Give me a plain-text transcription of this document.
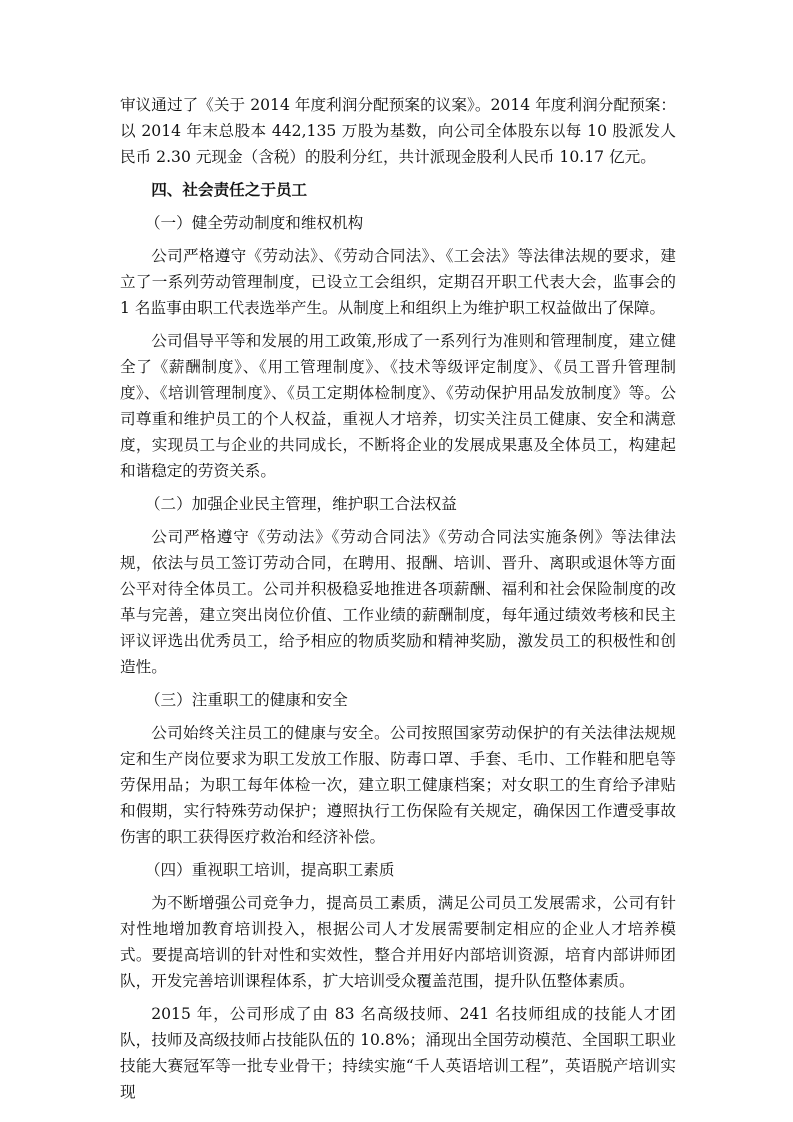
审议通过了《关于 2014 年度利润分配预案的议案》。2014 年度利润分配预案：以 2014 年末总股本 442,135 万股为基数，向公司全体股东以每 10 股派发人民币 2.30 元现金（含税）的股利分红，共计派现金股利人民币 10.17 亿元。

四、社会责任之于员工

（一）健全劳动制度和维权机构

公司严格遵守《劳动法》、《劳动合同法》、《工会法》等法律法规的要求，建立了一系列劳动管理制度，已设立工会组织，定期召开职工代表大会，监事会的 1 名监事由职工代表选举产生。从制度上和组织上为维护职工权益做出了保障。

公司倡导平等和发展的用工政策,形成了一系列行为准则和管理制度，建立健全了《薪酬制度》、《用工管理制度》、《技术等级评定制度》、《员工晋升管理制度》、《培训管理制度》、《员工定期体检制度》、《劳动保护用品发放制度》等。公司尊重和维护员工的个人权益，重视人才培养，切实关注员工健康、安全和满意度，实现员工与企业的共同成长，不断将企业的发展成果惠及全体员工，构建起和谐稳定的劳资关系。

（二）加强企业民主管理，维护职工合法权益

公司严格遵守《劳动法》《劳动合同法》《劳动合同法实施条例》等法律法规，依法与员工签订劳动合同，在聘用、报酬、培训、晋升、离职或退休等方面公平对待全体员工。公司并积极稳妥地推进各项薪酬、福利和社会保险制度的改革与完善，建立突出岗位价值、工作业绩的薪酬制度，每年通过绩效考核和民主评议评选出优秀员工，给予相应的物质奖励和精神奖励，激发员工的积极性和创造性。

（三）注重职工的健康和安全

公司始终关注员工的健康与安全。公司按照国家劳动保护的有关法律法规规定和生产岗位要求为职工发放工作服、防毒口罩、手套、毛巾、工作鞋和肥皂等劳保用品；为职工每年体检一次，建立职工健康档案；对女职工的生育给予津贴和假期，实行特殊劳动保护；遵照执行工伤保险有关规定，确保因工作遭受事故伤害的职工获得医疗救治和经济补偿。

（四）重视职工培训，提高职工素质

为不断增强公司竞争力，提高员工素质，满足公司员工发展需求，公司有针对性地增加教育培训投入，根据公司人才发展需要制定相应的企业人才培养模式。要提高培训的针对性和实效性，整合并用好内部培训资源，培育内部讲师团队，开发完善培训课程体系，扩大培训受众覆盖范围，提升队伍整体素质。

2015 年，公司形成了由 83 名高级技师、241 名技师组成的技能人才团队，技师及高级技师占技能队伍的 10.8%；涌现出全国劳动模范、全国职工职业技能大赛冠军等一批专业骨干；持续实施“千人英语培训工程”，英语脱产培训实现
